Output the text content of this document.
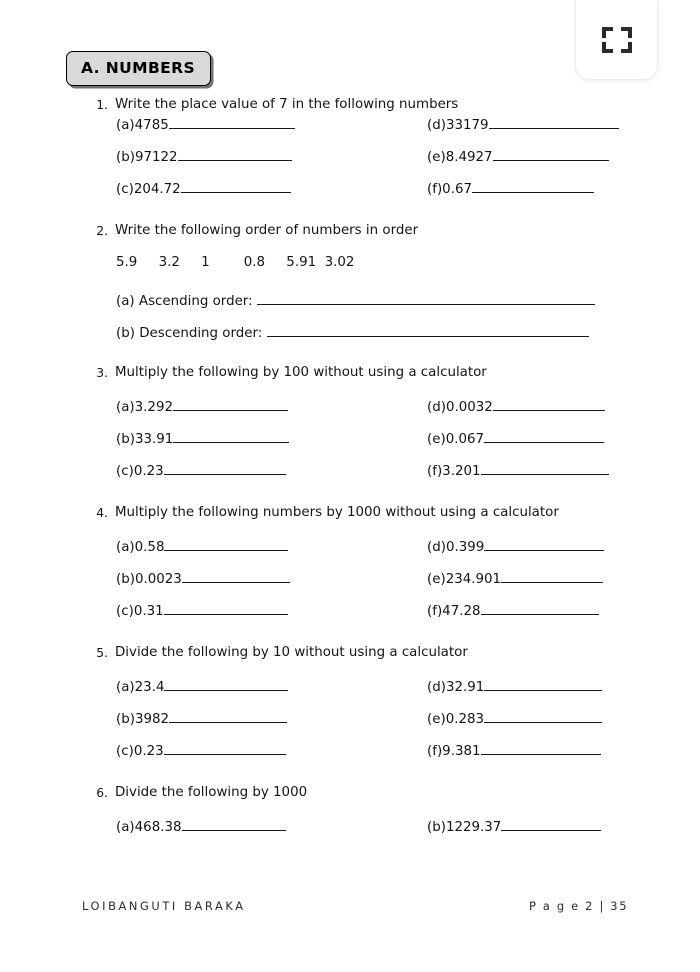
A. NUMBERS
1. Write the place value of 7 in the following numbers
(a)4785
(b)97122
(c)204.72
(d)33179
(e)8.4927
(f)0.67
2. Write the following order of numbers in order
5.9     3.2     1        0.8     5.91  3.02
(a) Ascending order:
(b) Descending order:
3. Multiply the following by 100 without using a calculator
(a)3.292
(b)33.91
(c)0.23
(d)0.0032
(e)0.067
(f)3.201
4. Multiply the following numbers by 1000 without using a calculator
(a)0.58
(b)0.0023
(c)0.31
(d)0.399
(e)234.901
(f)47.28
5. Divide the following by 10 without using a calculator
(a)23.4
(b)3982
(c)0.23
(d)32.91
(e)0.283
(f)9.381
6. Divide the following by 1000
(a)468.38	(b)1229.37
LOIBANGUTI BARAKA	P a g e 2 | 35
